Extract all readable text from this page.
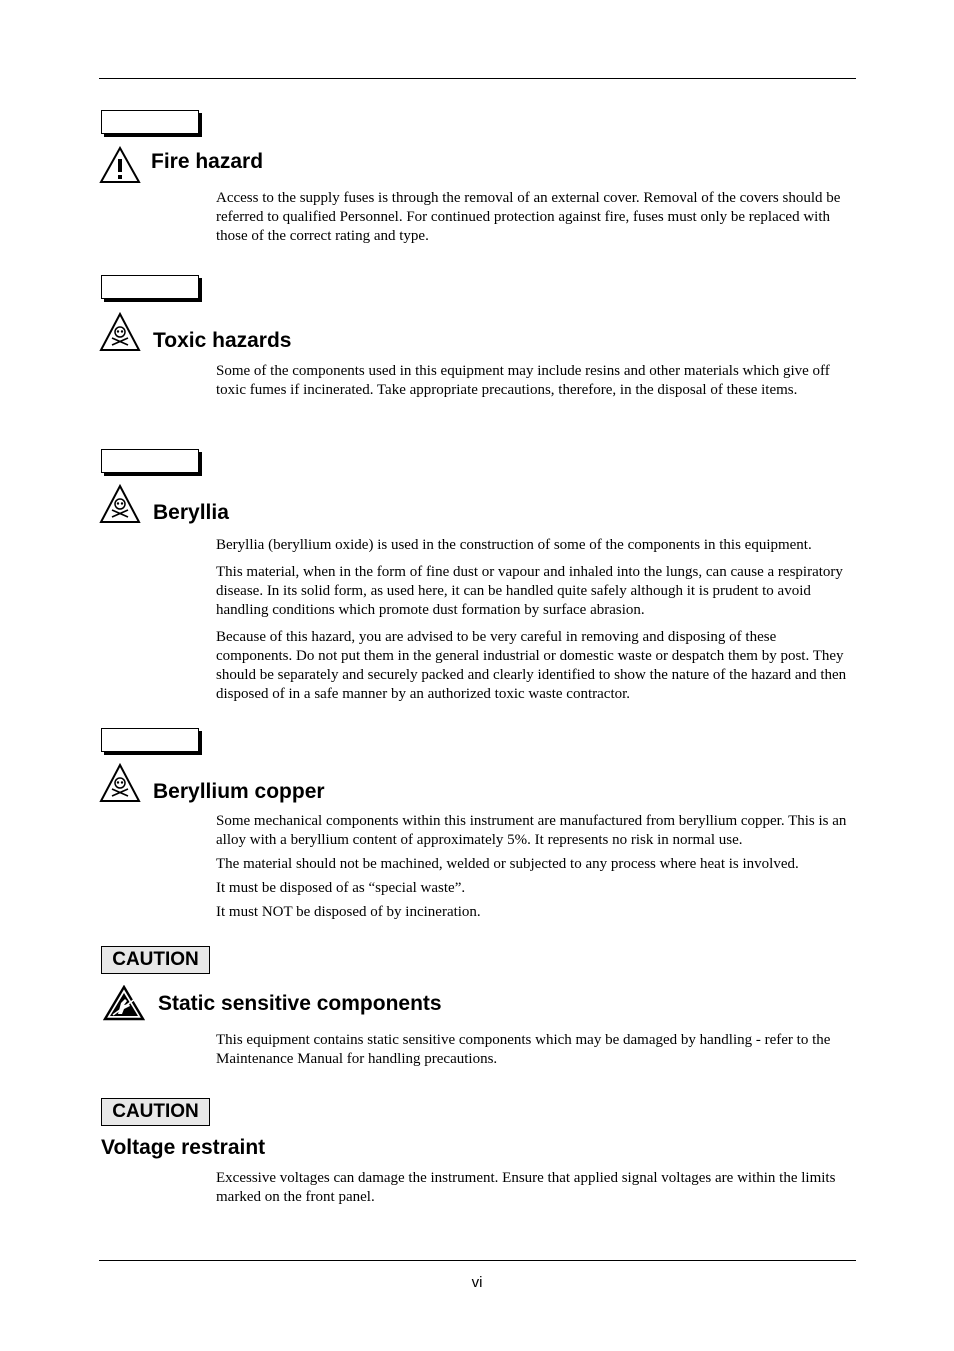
Fire hazard

Access to the supply fuses is through the removal of an external cover. Removal of the covers should be referred to qualified Personnel. For continued protection against fire, fuses must only be replaced with those of the correct rating and type.

Toxic hazards

Some of the components used in this equipment may include resins and other materials which give off toxic fumes if incinerated. Take appropriate precautions, therefore, in the disposal of these items.

Beryllia

Beryllia (beryllium oxide) is used in the construction of some of the components in this equipment.

This material, when in the form of fine dust or vapour and inhaled into the lungs, can cause a respiratory disease. In its solid form, as used here, it can be handled quite safely although it is prudent to avoid handling conditions which promote dust formation by surface abrasion.

Because of this hazard, you are advised to be very careful in removing and disposing of these components. Do not put them in the general industrial or domestic waste or despatch them by post. They should be separately and securely packed and clearly identified to show the nature of the hazard and then disposed of in a safe manner by an authorized toxic waste contractor.

Beryllium copper

Some mechanical components within this instrument are manufactured from beryllium copper. This is an alloy with a beryllium content of approximately 5%. It represents no risk in normal use.

The material should not be machined, welded or subjected to any process where heat is involved.

It must be disposed of as “special waste”.

It must NOT be disposed of by incineration.

CAUTION
Static sensitive components

This equipment contains static sensitive components which may be damaged by handling - refer to the Maintenance Manual for handling precautions.

CAUTION
Voltage restraint

Excessive voltages can damage the instrument. Ensure that applied signal voltages are within the limits marked on the front panel.

vi
